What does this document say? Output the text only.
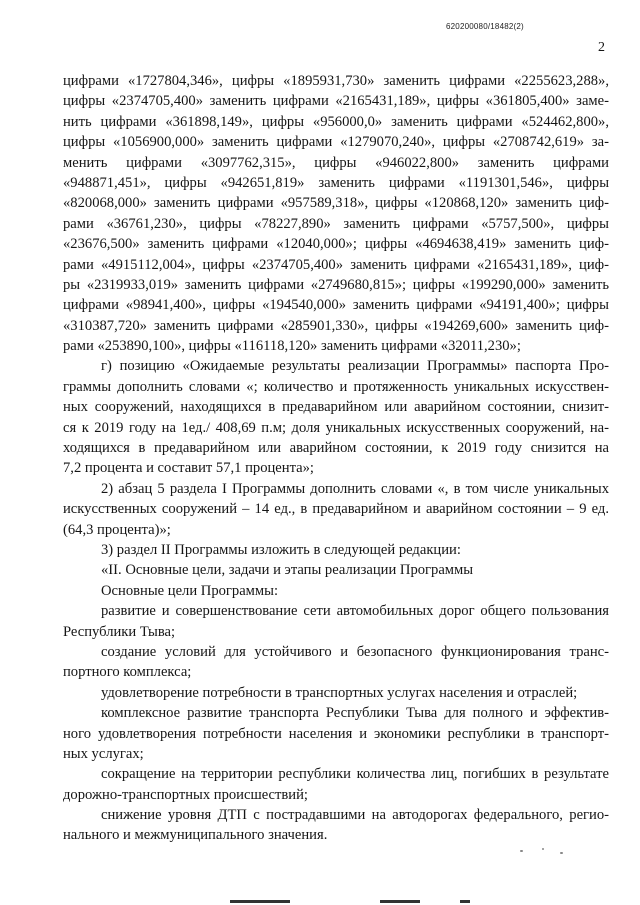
620200080/18482(2)
2
цифрами «1727804,346», цифры «1895931,730» заменить цифрами «2255623,288»,
цифры «2374705,400» заменить цифрами «2165431,189», цифры «361805,400» заме-
нить цифрами «361898,149», цифры «956000,0» заменить цифрами «524462,800»,
цифры «1056900,000» заменить цифрами «1279070,240», цифры «2708742,619» за-
менить цифрами «3097762,315», цифры «946022,800» заменить цифрами
«948871,451», цифры «942651,819» заменить цифрами «1191301,546», цифры
«820068,000» заменить цифрами «957589,318», цифры «120868,120» заменить циф-
рами «36761,230», цифры «78227,890» заменить цифрами «5757,500», цифры
«23676,500» заменить цифрами «12040,000»; цифры «4694638,419» заменить циф-
рами «4915112,004», цифры «2374705,400» заменить цифрами «2165431,189», циф-
ры «2319933,019» заменить цифрами «2749680,815»; цифры «199290,000» заменить
цифрами «98941,400», цифры «194540,000» заменить цифрами «94191,400»; цифры
«310387,720» заменить цифрами «285901,330», цифры «194269,600» заменить циф-
рами «253890,100», цифры «116118,120» заменить цифрами «32011,230»;
г) позицию «Ожидаемые результаты реализации Программы» паспорта Про-
граммы дополнить словами «; количество и протяженность уникальных искусствен-
ных сооружений, находящихся в предаварийном или аварийном состоянии, снизит-
ся к 2019 году на 1ед./ 408,69 п.м; доля уникальных искусственных сооружений, на-
ходящихся в предаварийном или аварийном состоянии, к 2019 году снизится на
7,2 процента и составит 57,1 процента»;
2) абзац 5 раздела I Программы дополнить словами «, в том числе уникальных
искусственных сооружений – 14 ед., в предаварийном и аварийном состоянии – 9 ед.
(64,3 процента)»;
3) раздел II Программы изложить в следующей редакции:
«II. Основные цели, задачи и этапы реализации Программы
Основные цели Программы:
развитие и совершенствование сети автомобильных дорог общего пользования
Республики Тыва;
создание условий для устойчивого и безопасного функционирования транс-
портного комплекса;
удовлетворение потребности в транспортных услугах населения и отраслей;
комплексное развитие транспорта Республики Тыва для полного и эффектив-
ного удовлетворения потребности населения и экономики республики в транспорт-
ных услугах;
сокращение на территории республики количества лиц, погибших в результате
дорожно-транспортных происшествий;
снижение уровня ДТП с пострадавшими на автодорогах федерального, регио-
нального и межмуниципального значения.
